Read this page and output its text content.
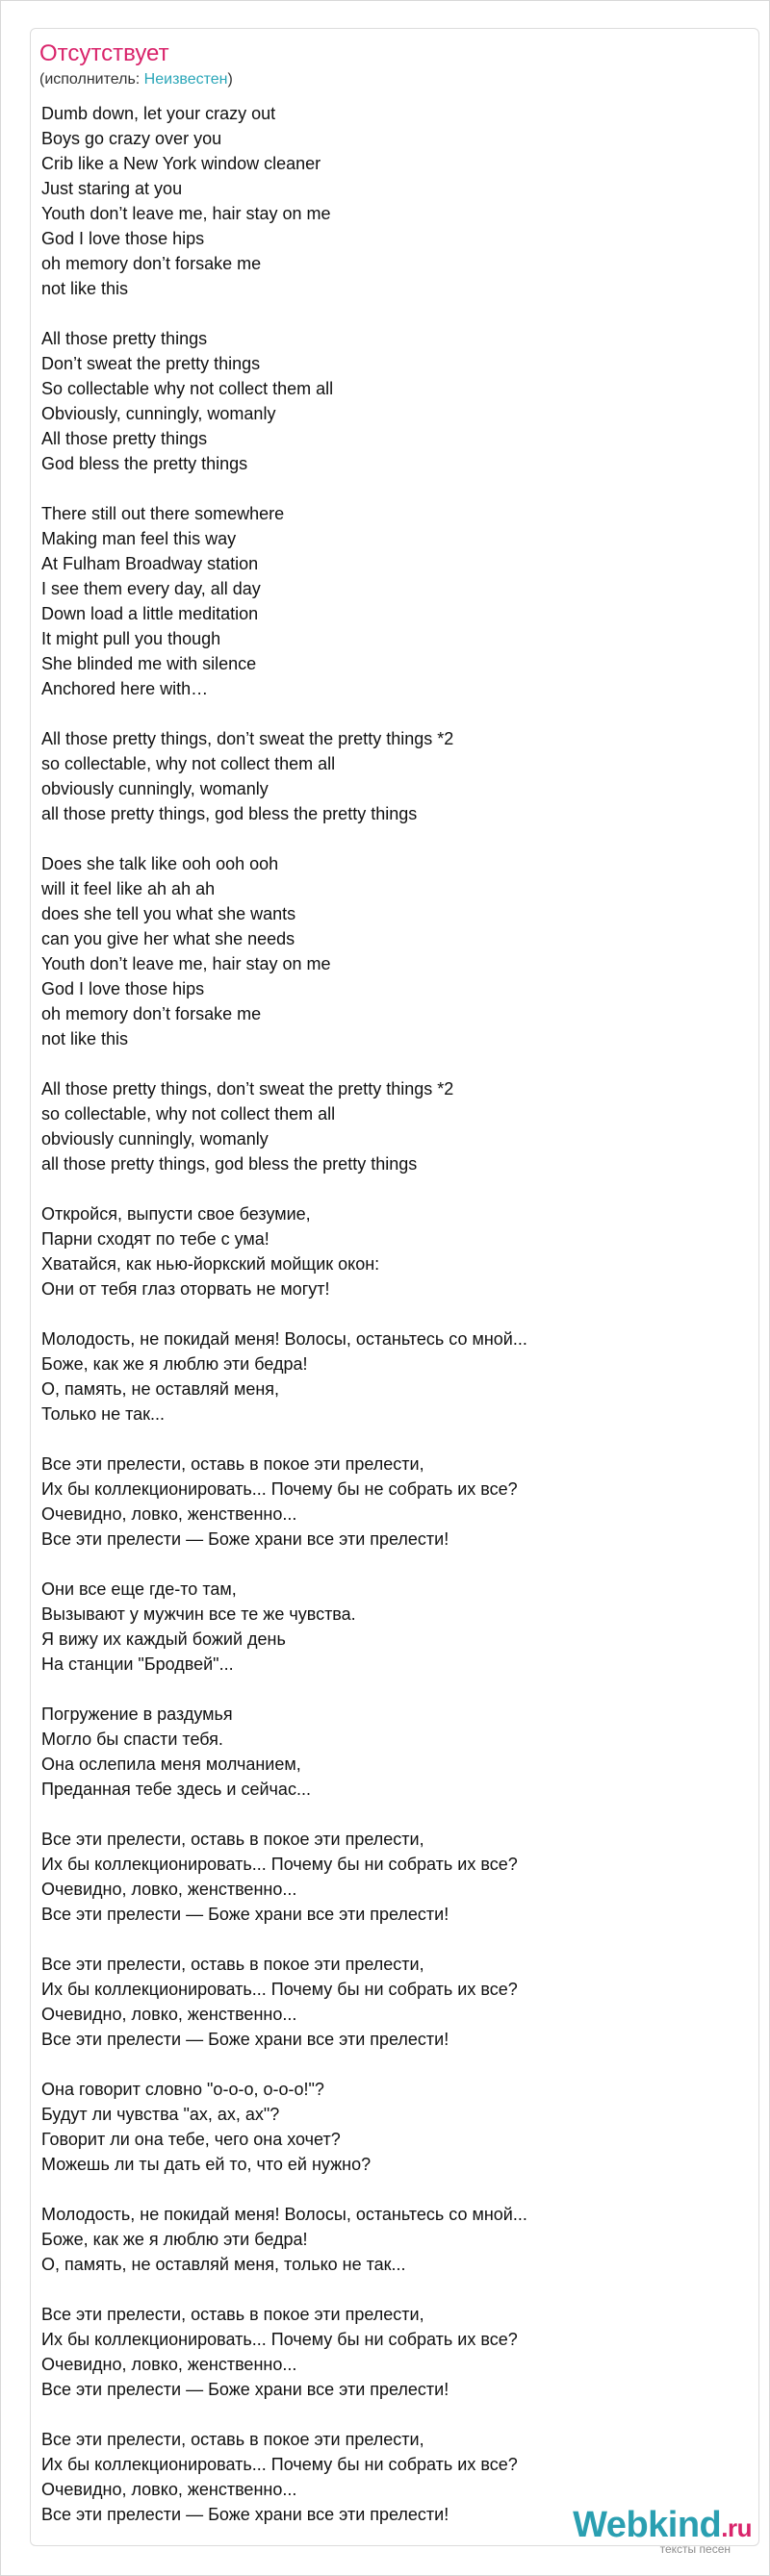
Отсутствует
(исполнитель: Неизвестен)
Dumb down, let your crazy out
Boys go crazy over you
Crib like a New York window cleaner
Just staring at you
Youth don’t leave me, hair stay on me
God I love those hips
oh memory don’t forsake me
not like this
All those pretty things
Don’t sweat the pretty things
So collectable why not collect them all
Obviously, cunningly, womanly
All those pretty things
God bless the pretty things
There still out there somewhere
Making man feel this way
At Fulham Broadway station
I see them every day, all day
Down load a little meditation
It might pull you though
She blinded me with silence
Anchored here with…
All those pretty things, don’t sweat the pretty things *2
so collectable, why not collect them all
obviously cunningly, womanly
all those pretty things, god bless the pretty things
Does she talk like ooh ooh ooh
will it feel like ah ah ah
does she tell you what she wants
can you give her what she needs
Youth don’t leave me, hair stay on me
God I love those hips
oh memory don’t forsake me
not like this
All those pretty things, don’t sweat the pretty things *2
so collectable, why not collect them all
obviously cunningly, womanly
all those pretty things, god bless the pretty things
Откройся, выпусти свое безумие,
Парни сходят по тебе с ума!
Хватайся, как нью-йоркский мойщик окон:
Они от тебя глаз оторвать не могут!
Молодость, не покидай меня! Волосы, останьтесь со мной...
Боже, как же я люблю эти бедра!
О, память, не оставляй меня,
Только не так...
Все эти прелести, оставь в покое эти прелести,
Их бы коллекционировать... Почему бы не собрать их все?
Очевидно, ловко, женственно...
Все эти прелести — Боже храни все эти прелести!
Они все еще где-то там,
Вызывают у мужчин все те же чувства.
Я вижу их каждый божий день
На станции "Бродвей"...
Погружение в раздумья
Могло бы спасти тебя.
Она ослепила меня молчанием,
Преданная тебе здесь и сейчас...
Все эти прелести, оставь в покое эти прелести,
Их бы коллекционировать... Почему бы ни собрать их все?
Очевидно, ловко, женственно...
Все эти прелести — Боже храни все эти прелести!
Все эти прелести, оставь в покое эти прелести,
Их бы коллекционировать... Почему бы ни собрать их все?
Очевидно, ловко, женственно...
Все эти прелести — Боже храни все эти прелести!
Она говорит словно "о-о-о, о-о-о!"?
Будут ли чувства "ах, ах, ах"?
Говорит ли она тебе, чего она хочет?
Можешь ли ты дать ей то, что ей нужно?
Молодость, не покидай меня! Волосы, останьтесь со мной...
Боже, как же я люблю эти бедра!
О, память, не оставляй меня, только не так...
Все эти прелести, оставь в покое эти прелести,
Их бы коллекционировать... Почему бы ни собрать их все?
Очевидно, ловко, женственно...
Все эти прелести — Боже храни все эти прелести!
Все эти прелести, оставь в покое эти прелести,
Их бы коллекционировать... Почему бы ни собрать их все?
Очевидно, ловко, женственно...
Все эти прелести — Боже храни все эти прелести!	Webkind.ru
тексты песен
